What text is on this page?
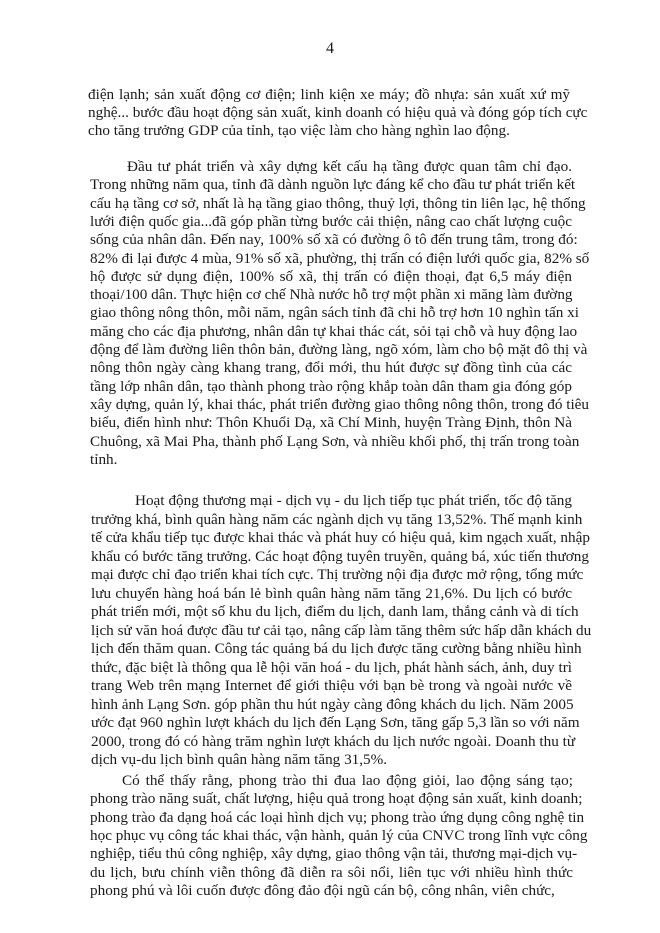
4
điện lạnh; sản xuất động cơ điện; linh kiện xe máy; đồ nhựa: sản xuất xứ mỹ
nghệ... bước đầu hoạt động sản xuất, kinh doanh có hiệu quả và đóng góp tích cực
cho tăng trưởng GDP của tỉnh, tạo việc làm cho hàng nghìn lao động.
Đầu tư phát triển và xây dựng kết cấu hạ tầng được quan tâm chỉ đạo.
Trong những năm qua, tỉnh đã dành nguồn lực đáng kể cho đầu tư phát triển kết
cấu hạ tầng cơ sở, nhất là hạ tầng giao thông, thuỷ lợi, thông tin liên lạc, hệ thống
lưới điện quốc gia...đã góp phần từng bước cải thiện, nâng cao chất lượng cuộc
sống của nhân dân. Đến nay, 100% số xã có đường ô tô đến trung tâm, trong đó:
82% đi lại được 4 mùa, 91% số xã, phường, thị trấn có điện lưới quốc gia, 82% số
hộ được sử dụng điện, 100% số xã, thị trấn có điện thoại, đạt 6,5 máy điện
thoại/100 dân. Thực hiện cơ chế Nhà nước hỗ trợ một phần xi măng làm đường
giao thông nông thôn, mỗi năm, ngân sách tỉnh đã chi hỗ trợ hơn 10 nghìn tấn xi
măng cho các địa phương, nhân dân tự khai thác cát, sỏi tại chỗ và huy động lao
động để làm đường liên thôn bản, đường làng, ngõ xóm, làm cho bộ mặt đô thị và
nông thôn ngày càng khang trang, đổi mới, thu hút được sự đồng tình của các
tầng lớp nhân dân, tạo thành phong trào rộng khắp toàn dân tham gia đóng góp
xây dựng, quản lý, khai thác, phát triển đường giao thông nông thôn, trong đó tiêu
biểu, điển hình như: Thôn Khuổi Dạ, xã Chí Minh, huyện Tràng Định, thôn Nà
Chuông, xã Mai Pha, thành phố Lạng Sơn, và nhiều khối phố, thị trấn trong toàn
tỉnh.
Hoạt động thương mại - dịch vụ - du lịch tiếp tục phát triển, tốc độ tăng
trưởng khá, bình quân hàng năm các ngành dịch vụ tăng 13,52%. Thế mạnh kinh
tế cửa khẩu tiếp tục được khai thác và phát huy có hiệu quả, kim ngạch xuất, nhập
khẩu có bước tăng trưởng. Các hoạt động tuyên truyền, quảng bá, xúc tiến thương
mại được chỉ đạo triển khai tích cực. Thị trường nội địa được mở rộng, tổng mức
lưu chuyển hàng hoá bán lẻ bình quân hàng năm tăng 21,6%. Du lịch có bước
phát triển mới, một số khu du lịch, điểm du lịch, danh lam, thắng cảnh và di tích
lịch sử văn hoá được đầu tư cải tạo, nâng cấp làm tăng thêm sức hấp dẫn khách du
lịch đến thăm quan. Công tác quảng bá du lịch được tăng cường bằng nhiều hình
thức, đặc biệt là thông qua lễ hội văn hoá - du lịch, phát hành sách, ảnh, duy trì
trang Web trên mạng Internet để giới thiệu với bạn bè trong và ngoài nước về
hình ảnh Lạng Sơn. góp phần thu hút ngày càng đông khách du lịch. Năm 2005
ước đạt 960 nghìn lượt khách du lịch đến Lạng Sơn, tăng gấp 5,3 lần so với năm
2000, trong đó có hàng trăm nghìn lượt khách du lịch nước ngoài. Doanh thu từ
dịch vụ-du lịch bình quân hàng năm tăng 31,5%.
Có thể thấy rằng, phong trào thi đua lao động giỏi, lao động sáng tạo;
phong trào năng suất, chất lượng, hiệu quả trong hoạt động sản xuất, kinh doanh;
phong trào đa dạng hoá các loại hình dịch vụ; phong trào ứng dụng công nghệ tin
học phục vụ công tác khai thác, vận hành, quản lý của CNVC trong lĩnh vực công
nghiệp, tiểu thủ công nghiệp, xây dựng, giao thông vận tải, thương mại-dịch vụ-
du lịch, bưu chính viễn thông đã diễn ra sôi nổi, liên tục với nhiều hình thức
phong phú và lôi cuốn được đông đảo đội ngũ cán bộ, công nhân, viên chức,
